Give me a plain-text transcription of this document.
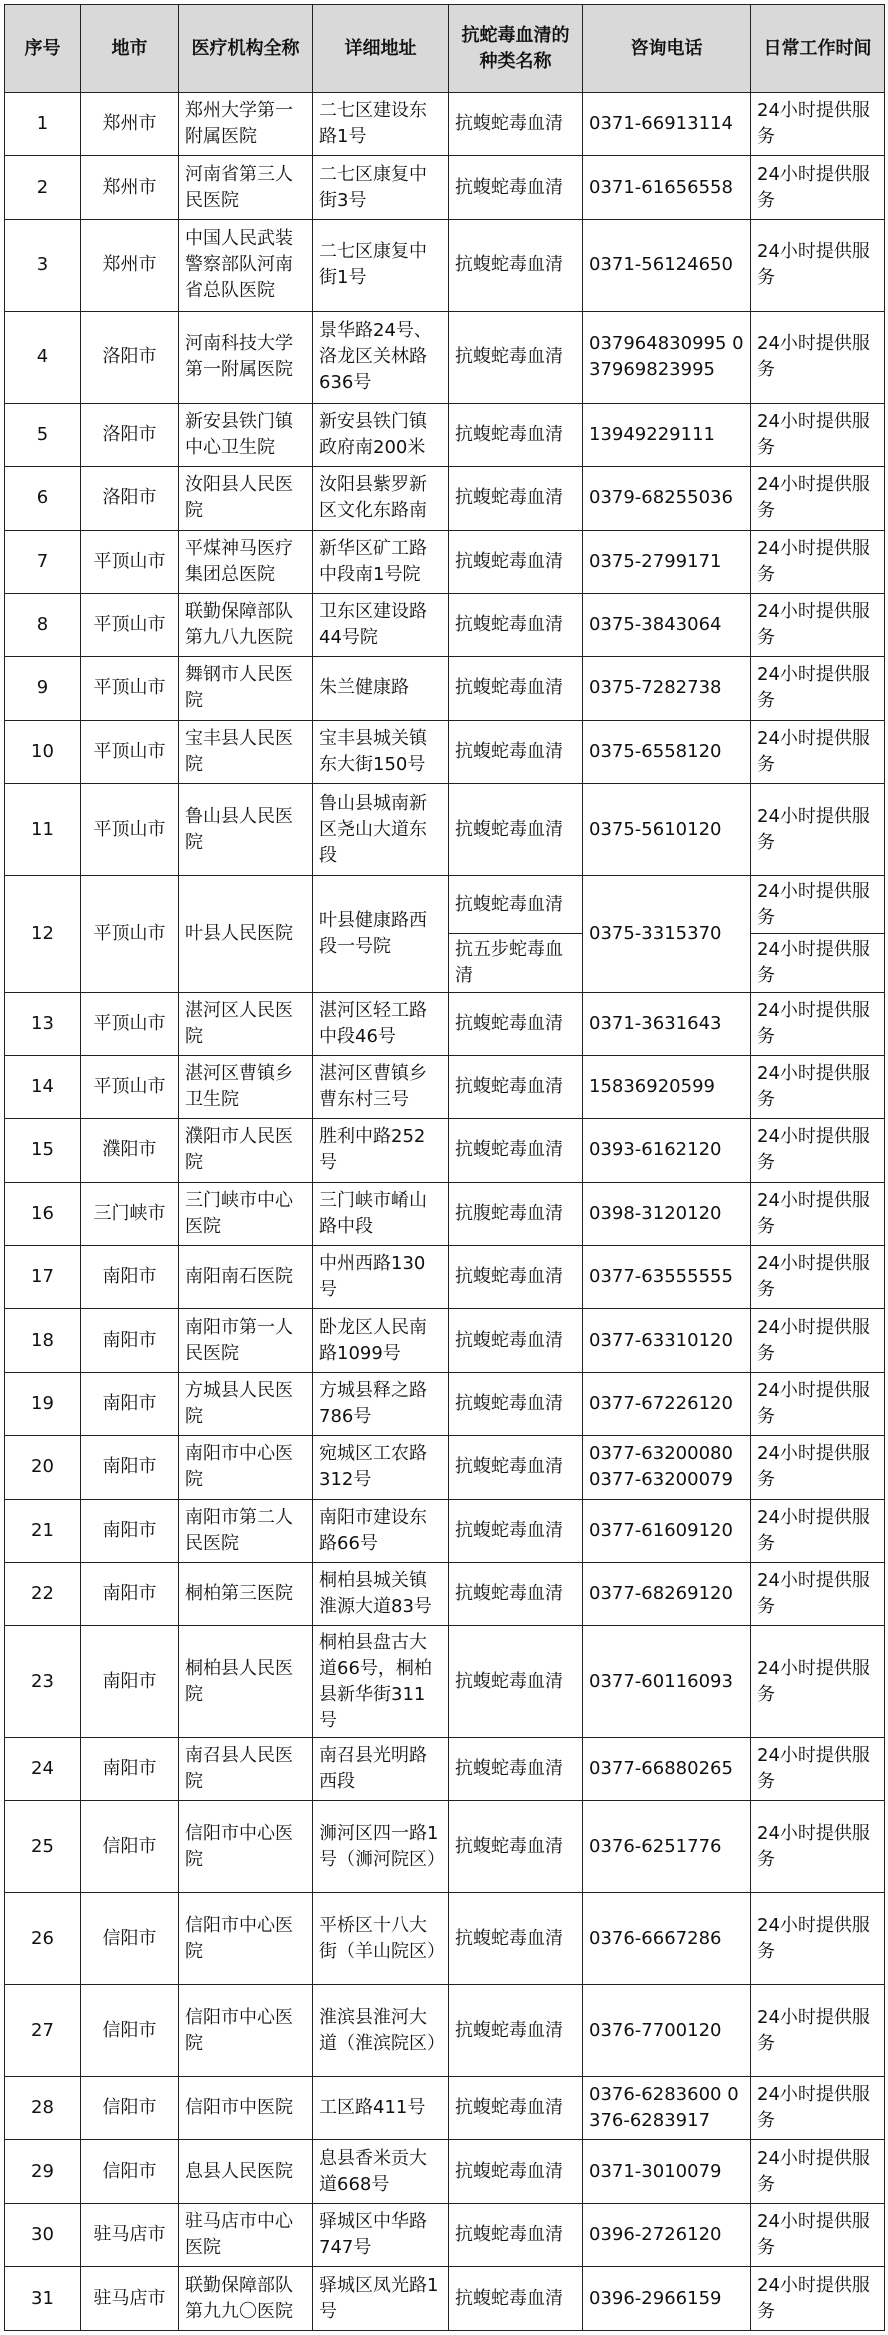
序号	地市	医疗机构全称	详细地址	抗蛇毒血清的种类名称	咨询电话	日常工作时间
1	郑州市	郑州大学第一附属医院	二七区建设东路1号	抗蝮蛇毒血清	0371-66913114	24小时提供服务
2	郑州市	河南省第三人民医院	二七区康复中街3号	抗蝮蛇毒血清	0371-61656558	24小时提供服务
3	郑州市	中国人民武装警察部队河南省总队医院	二七区康复中街1号	抗蝮蛇毒血清	0371-56124650	24小时提供服务
4	洛阳市	河南科技大学第一附属医院	景华路24号、洛龙区关林路636号	抗蝮蛇毒血清	037964830995 037969823995	24小时提供服务
5	洛阳市	新安县铁门镇中心卫生院	新安县铁门镇政府南200米	抗蝮蛇毒血清	13949229111	24小时提供服务
6	洛阳市	汝阳县人民医院	汝阳县紫罗新区文化东路南	抗蝮蛇毒血清	0379-68255036	24小时提供服务
7	平顶山市	平煤神马医疗集团总医院	新华区矿工路中段南1号院	抗蝮蛇毒血清	0375-2799171	24小时提供服务
8	平顶山市	联勤保障部队第九八九医院	卫东区建设路44号院	抗蝮蛇毒血清	0375-3843064	24小时提供服务
9	平顶山市	舞钢市人民医院	朱兰健康路	抗蝮蛇毒血清	0375-7282738	24小时提供服务
10	平顶山市	宝丰县人民医院	宝丰县城关镇东大街150号	抗蝮蛇毒血清	0375-6558120	24小时提供服务
11	平顶山市	鲁山县人民医院	鲁山县城南新区尧山大道东段	抗蝮蛇毒血清	0375-5610120	24小时提供服务
12	平顶山市	叶县人民医院	叶县健康路西段一号院	抗蝮蛇毒血清	0375-3315370	24小时提供服务
				抗五步蛇毒血清		24小时提供服务
13	平顶山市	湛河区人民医院	湛河区轻工路中段46号	抗蝮蛇毒血清	0371-3631643	24小时提供服务
14	平顶山市	湛河区曹镇乡卫生院	湛河区曹镇乡曹东村三号	抗蝮蛇毒血清	15836920599	24小时提供服务
15	濮阳市	濮阳市人民医院	胜利中路252号	抗蝮蛇毒血清	0393-6162120	24小时提供服务
16	三门峡市	三门峡市中心医院	三门峡市崤山路中段	抗腹蛇毒血清	0398-3120120	24小时提供服务
17	南阳市	南阳南石医院	中州西路130号	抗蝮蛇毒血清	0377-63555555	24小时提供服务
18	南阳市	南阳市第一人民医院	卧龙区人民南路1099号	抗蝮蛇毒血清	0377-63310120	24小时提供服务
19	南阳市	方城县人民医院	方城县释之路786号	抗蝮蛇毒血清	0377-67226120	24小时提供服务
20	南阳市	南阳市中心医院	宛城区工农路312号	抗蝮蛇毒血清	0377-63200080 0377-63200079	24小时提供服务
21	南阳市	南阳市第二人民医院	南阳市建设东路66号	抗蝮蛇毒血清	0377-61609120	24小时提供服务
22	南阳市	桐柏第三医院	桐柏县城关镇淮源大道83号	抗蝮蛇毒血清	0377-68269120	24小时提供服务
23	南阳市	桐柏县人民医院	桐柏县盘古大道66号，桐柏县新华街311号	抗蝮蛇毒血清	0377-60116093	24小时提供服务
24	南阳市	南召县人民医院	南召县光明路西段	抗蝮蛇毒血清	0377-66880265	24小时提供服务
25	信阳市	信阳市中心医院	浉河区四一路1号（浉河院区）	抗蝮蛇毒血清	0376-6251776	24小时提供服务
26	信阳市	信阳市中心医院	平桥区十八大街（羊山院区）	抗蝮蛇毒血清	0376-6667286	24小时提供服务
27	信阳市	信阳市中心医院	淮滨县淮河大道（淮滨院区）	抗蝮蛇毒血清	0376-7700120	24小时提供服务
28	信阳市	信阳市中医院	工区路411号	抗蝮蛇毒血清	0376-6283600 0376-6283917	24小时提供服务
29	信阳市	息县人民医院	息县香米贡大道668号	抗蝮蛇毒血清	0371-3010079	24小时提供服务
30	驻马店市	驻马店市中心医院	驿城区中华路747号	抗蝮蛇毒血清	0396-2726120	24小时提供服务
31	驻马店市	联勤保障部队第九九〇医院	驿城区凤光路1号	抗蝮蛇毒血清	0396-2966159	24小时提供服务
